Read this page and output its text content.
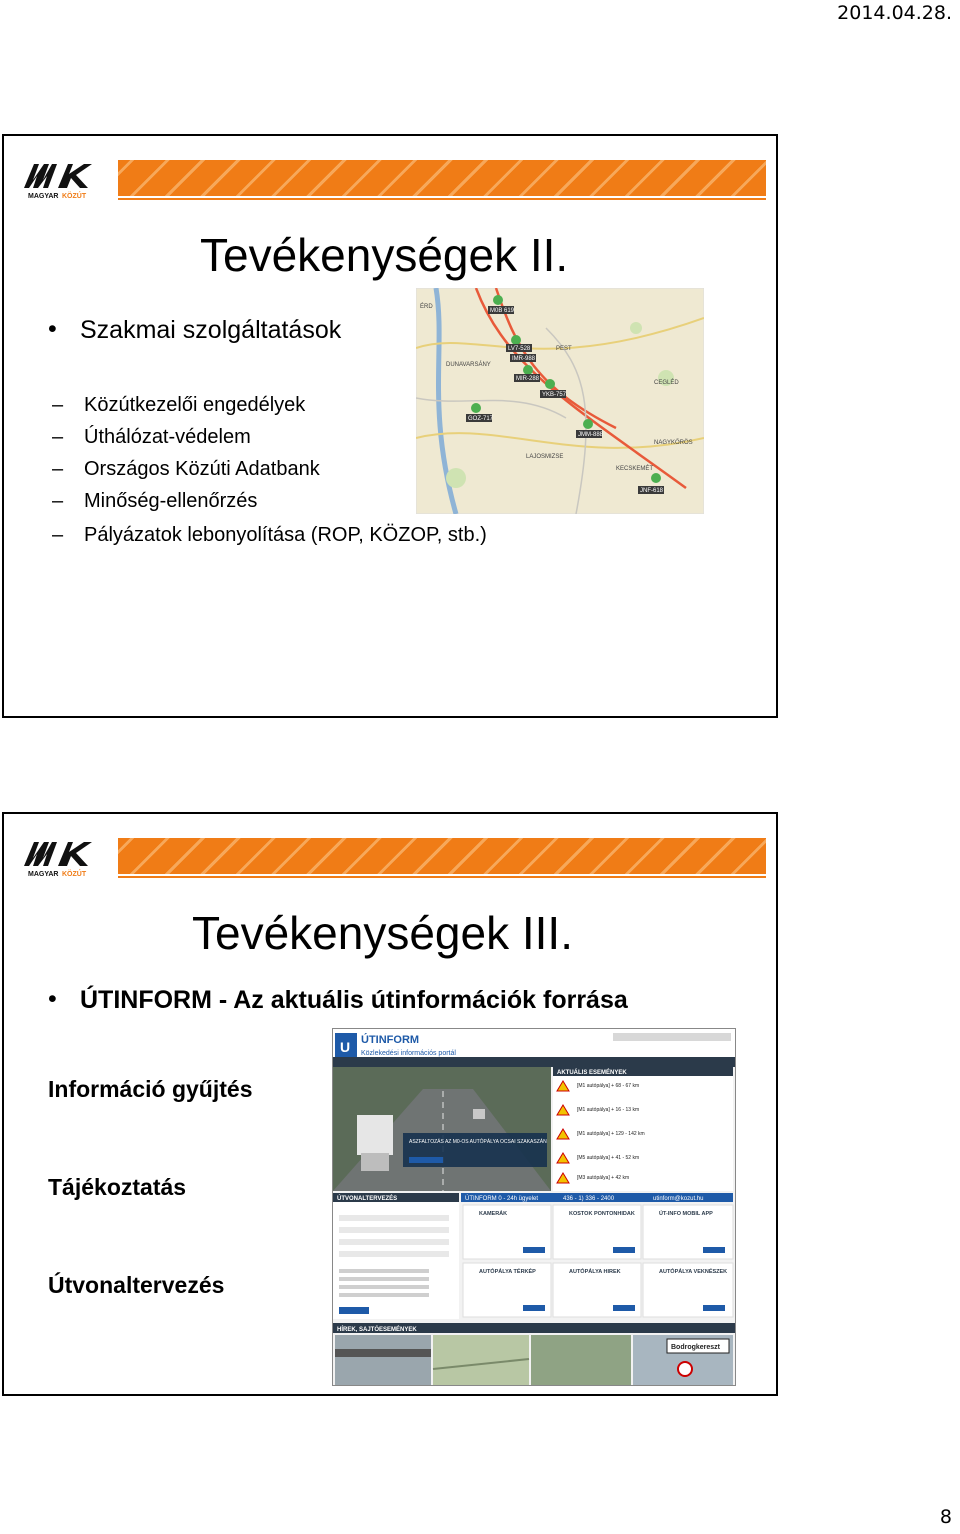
2014.04.28.
MAGYAR KÖZÚT
Tevékenységek II.
• Szakmai szolgáltatások
– Közútkezelői engedélyek
– Úthálózat-védelem
– Országos Közúti Adatbank
– Minőség-ellenőrzés
– Pályázatok lebonyolítása (ROP, KÖZOP, stb.)
M0B 619
LV7-528
IMR-988
MIR-288
YKB-757
GOZ-717
JMM-888
JNF-618
PEST
KECSKEMÉT
CEGLÉD
ÉRD
NAGYKŐRÖS
DUNAVARSÁNY
LAJOSMIZSE
MAGYAR KÖZÚT
Tevékenységek III.
• ÚTINFORM - Az aktuális útinformációk forrása
Információ gyűjtés
Tájékoztatás
Útvonaltervezés
U ÚTINFORM
Közlekedési információs portál
ASZFALTOZÁS AZ M0-OS AUTÓPÁLYA OCSAI SZAKASZÁN
AKTUÁLIS ESEMÉNYEK
[M1 autópálya] + 68 - 67 km
[M1 autópálya] + 16 - 13 km
[M1 autópálya] + 129 - 142 km
[M5 autópálya] + 41 - 52 km
[M3 autópálya] + 42 km
ÚTVONALTERVEZÉS	ÚTINFORM 0 - 24h ügyelet	436 - 1) 336 - 2400	utinform@kozut.hu
KAMERÁK	KOSTOK PONTONHIDAK	ÚT-INFO MOBIL APP
AUTÓPÁLYA TÉRKÉP	AUTÓPÁLYA HIREK	AUTÓPÁLYA VEKNÉSZEK
HÍREK, SAJTÓESEMÉNYEK
Bodrogkereszt
8
